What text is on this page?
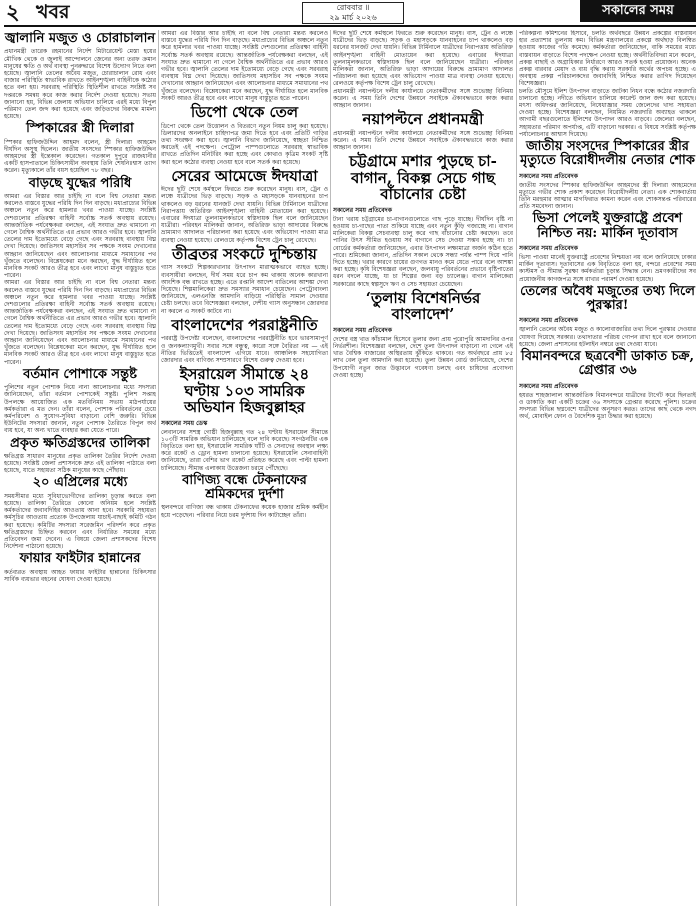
২ খবর	রোববার ॥
২৯ মার্চ ২০২৬	সকালের সময়
জ্বালানি মজুত ও চোরাচালান

প্রধানমন্ত্রী তারেক রহমানের নির্দেশ মিটারেয়েন্ট মেস্তা হয়ের মৌখিক থেকে ও জুলাই আন্দোলনে জেনের অন্য তরফ ক্রমান মানুষের ক্ষতি ও অর্থ ব্যবস্থা পুনরুদ্ধারে বিশেষ উদ্যোগ নিতে বলা হয়েছে। জ্বালানি তেলের অবৈধ মজুত, চোরাচালান রোধ এবং বাজার পরিস্থিতি স্বাভাবিক রাখতে আইনশৃঙ্খলা বাহিনীকে কঠোর হতে বলা হয়। সরবরাহ পরিস্থিতি স্থিতিশীল রাখতে সংশ্লিষ্ট সব দপ্তরকে সমন্বয় করে কাজ করার নির্দেশ দেওয়া হয়েছে। সভায় জানানো হয়, বিভিন্ন জেলায় অভিযান চালিয়ে এরই মধ্যে বিপুল পরিমাণ তেল জব্দ করা হয়েছে এবং জড়িতদের বিরুদ্ধে মামলা হয়েছে।

স্পিকারের স্ত্রী দিলারা

স্পিকার হাফিজউদ্দিন আহমদ বলেন, স্ত্রী দিলারা আহমেদ দীর্ঘদিন অসুস্থ ছিলেন। জাতীয় সংসদের স্পিকার হাফিজউদ্দিন আহমদের স্ত্রী ইন্তেকাল করেছেন। গতকাল দুপুরে রাজধানীর একটি হাসপাতালে চিকিৎসাধীন অবস্থায় তিনি শেষনিঃশ্বাস ত্যাগ করেন। মৃত্যুকালে তাঁর বয়স হয়েছিল ৭৮ বছর।

বাড়ছে যুদ্ধের পরিধি

আমরা এর বিস্তার আর চাইছি না বলে বিশ্ব নেতারা মন্তব্য করলেও বাস্তবে যুদ্ধের পরিধি দিন দিন বাড়ছে। মধ্যপ্রাচ্যের বিভিন্ন অঞ্চলে নতুন করে হামলার খবর পাওয়া যাচ্ছে। সংশ্লিষ্ট দেশগুলোর প্রতিরক্ষা বাহিনী সর্বোচ্চ সতর্ক অবস্থায় রয়েছে। আন্তর্জাতিক পর্যবেক্ষকরা বলছেন, এই সংঘাত দ্রুত থামানো না গেলে বৈশ্বিক অর্থনীতিতে এর প্রভাব আরও গভীর হবে। জ্বালানি তেলের দাম ইতোমধ্যে বেড়ে গেছে এবং সরবরাহ ব্যবস্থায় বিঘ্ন দেখা দিয়েছে। জাতিসংঘ মহাসচিব সব পক্ষকে সংযম দেখানোর আহ্বান জানিয়েছেন এবং আলোচনার মাধ্যমে সমাধানের পথ খুঁজতে বলেছেন। বিশ্লেষকেরা মনে করছেন, যুদ্ধ দীর্ঘায়িত হলে মানবিক সংকট আরও তীব্র হবে এবং লাখো মানুষ বাস্তুচ্যুত হতে পারেন।

আমরা এর বিস্তার আর চাইছি না বলে বিশ্ব নেতারা মন্তব্য করলেও বাস্তবে যুদ্ধের পরিধি দিন দিন বাড়ছে। মধ্যপ্রাচ্যের বিভিন্ন অঞ্চলে নতুন করে হামলার খবর পাওয়া যাচ্ছে। সংশ্লিষ্ট দেশগুলোর প্রতিরক্ষা বাহিনী সর্বোচ্চ সতর্ক অবস্থায় রয়েছে। আন্তর্জাতিক পর্যবেক্ষকরা বলছেন, এই সংঘাত দ্রুত থামানো না গেলে বৈশ্বিক অর্থনীতিতে এর প্রভাব আরও গভীর হবে। জ্বালানি তেলের দাম ইতোমধ্যে বেড়ে গেছে এবং সরবরাহ ব্যবস্থায় বিঘ্ন দেখা দিয়েছে। জাতিসংঘ মহাসচিব সব পক্ষকে সংযম দেখানোর আহ্বান জানিয়েছেন এবং আলোচনার মাধ্যমে সমাধানের পথ খুঁজতে বলেছেন। বিশ্লেষকেরা মনে করছেন, যুদ্ধ দীর্ঘায়িত হলে মানবিক সংকট আরও তীব্র হবে এবং লাখো মানুষ বাস্তুচ্যুত হতে পারেন।

বর্তমান পোশাকে সন্তুষ্ট

পুলিশের নতুন পোশাক নিয়ে নানা আলোচনার মধ্যে সদস্যরা জানিয়েছেন, তাঁরা বর্তমান পোশাকেই সন্তুষ্ট। পুলিশ সপ্তাহ উপলক্ষে আয়োজিত এক মতবিনিময় সভায় মাঠপর্যায়ের কর্মকর্তারা এ মত দেন। তাঁরা বলেন, পোশাক পরিবর্তনের চেয়ে কর্মপরিবেশ ও সুযোগ-সুবিধা বাড়ানো বেশি জরুরি। বিভিন্ন ইউনিটের সদস্যরা জানান, নতুন পোশাক তৈরিতে বিপুল অর্থ ব্যয় হবে, যা অন্য খাতে ব্যবহার করা যেতে পারে।

প্রকৃত ক্ষতিগ্রস্তদের তালিকা

ক্ষতিগ্রস্ত সাধারণ মানুষের প্রকৃত তালিকা তৈরির নির্দেশ দেওয়া হয়েছে। সংশ্লিষ্ট জেলা প্রশাসনকে দ্রুত এই তালিকা পাঠাতে বলা হয়েছে, যাতে সহায়তা সঠিক মানুষের কাছে পৌঁছায়।

২০ এপ্রিলের মধ্যে

সময়সীমার মধ্যে সুবিধাভোগীদের তালিকা চূড়ান্ত করতে বলা হয়েছে। তালিকা তৈরিতে কোনো অনিয়ম হলে সংশ্লিষ্ট কর্মকর্তাদের জবাবদিহির আওতায় আনা হবে। সরকারি সহায়তা কর্মসূচির আওতায় প্রত্যেক উপজেলায় যাচাই-বাছাই কমিটি গঠন করা হয়েছে। কমিটির সদস্যরা সরেজমিন পরিদর্শন করে প্রকৃত ক্ষতিগ্রস্তদের চিহ্নিত করবেন এবং নির্ধারিত সময়ের মধ্যে প্রতিবেদন জমা দেবেন। এ বিষয়ে জেলা প্রশাসকদের বিশেষ নির্দেশনা পাঠানো হয়েছে।

ফায়ার ফাইটার হান্নানের

কর্তব্যরত অবস্থায় আহত ফায়ার ফাইটার হান্নানের চিকিৎসার সার্বিক ব্যয়ভার বহনের ঘোষণা দেওয়া হয়েছে।

আমরা এর বিস্তার আর চাইছি না বলে বিশ্ব নেতারা মন্তব্য করলেও বাস্তবে যুদ্ধের পরিধি দিন দিন বাড়ছে। মধ্যপ্রাচ্যের বিভিন্ন অঞ্চলে নতুন করে হামলার খবর পাওয়া যাচ্ছে। সংশ্লিষ্ট দেশগুলোর প্রতিরক্ষা বাহিনী সর্বোচ্চ সতর্ক অবস্থায় রয়েছে। আন্তর্জাতিক পর্যবেক্ষকরা বলছেন, এই সংঘাত দ্রুত থামানো না গেলে বৈশ্বিক অর্থনীতিতে এর প্রভাব আরও গভীর হবে। জ্বালানি তেলের দাম ইতোমধ্যে বেড়ে গেছে এবং সরবরাহ ব্যবস্থায় বিঘ্ন দেখা দিয়েছে। জাতিসংঘ মহাসচিব সব পক্ষকে সংযম দেখানোর আহ্বান জানিয়েছেন এবং আলোচনার মাধ্যমে সমাধানের পথ খুঁজতে বলেছেন। বিশ্লেষকেরা মনে করছেন, যুদ্ধ দীর্ঘায়িত হলে মানবিক সংকট আরও তীব্র হবে এবং লাখো মানুষ বাস্তুচ্যুত হতে পারেন।

ডিপো থেকে তেল

ডিপো থেকে তেল উত্তোলন ও বিতরণে নতুন নিয়ম চালু করা হয়েছে। ডিলারদের অনলাইনে চাহিদাপত্র জমা দিতে হবে এবং প্রতিটি গাড়ির তথ্য সংরক্ষণ করা হবে। জ্বালানি বিভাগ জানিয়েছে, স্বচ্ছতা নিশ্চিত করতেই এই পদক্ষেপ। পেট্রোল পাম্পগুলোতে সরবরাহ স্বাভাবিক রাখতে প্রতিদিন মনিটরিং করা হচ্ছে এবং কোথাও কৃত্রিম সংকট সৃষ্টি করা হলে কঠোর ব্যবস্থা নেওয়া হবে বলে সতর্ক করা হয়েছে।

সেরের আমেজে ঈদযাত্রা

ঈদের ছুটি শেষে কর্মস্থলে ফিরতে শুরু করেছেন মানুষ। বাস, ট্রেন ও লঞ্চে যাত্রীদের ভিড় বাড়ছে। সড়ক ও মহাসড়কে যানবাহনের চাপ থাকলেও বড় ধরনের যানজট দেখা যায়নি। বিভিন্ন টার্মিনালে যাত্রীদের নিরাপত্তায় অতিরিক্ত আইনশৃঙ্খলা বাহিনী মোতায়েন করা হয়েছে। এবারের ঈদযাত্রা তুলনামূলকভাবে স্বস্তিদায়ক ছিল বলে জানিয়েছেন যাত্রীরা। পরিবহন মালিকরা জানান, অতিরিক্ত ভাড়া আদায়ের বিরুদ্ধে ভ্রাম্যমাণ আদালত পরিচালনা করা হয়েছে এবং অভিযোগ পাওয়া মাত্র ব্যবস্থা নেওয়া হয়েছে। রেলওয়ে কর্তৃপক্ষ বিশেষ ট্রেন চালু রেখেছে।

তীব্রতর সংকটে দুশ্চিন্তায়

গ্যাস সংকটে শিল্পকারখানার উৎপাদন মারাত্মকভাবে ব্যাহত হচ্ছে। ব্যবসায়ীরা বলছেন, দীর্ঘ সময় ধরে চাপ কম থাকায় অনেক কারখানা আংশিক বন্ধ রাখতে হচ্ছে। এতে রপ্তানি আদেশ বাতিলের আশঙ্কা দেখা দিয়েছে। শিল্পমালিকেরা দ্রুত সমস্যার সমাধান চেয়েছেন। পেট্রোবাংলা জানিয়েছে, এলএনজি আমদানি বাড়িয়ে পরিস্থিতি সামাল দেওয়ার চেষ্টা চলছে। তবে বিশেষজ্ঞরা বলছেন, দেশীয় গ্যাস অনুসন্ধান জোরদার না করলে এ সংকট কাটবে না।

বাংলাদেশের পররাষ্ট্রনীতি

পররাষ্ট্র উপদেষ্টা বলেছেন, বাংলাদেশের পররাষ্ট্রনীতি হবে ভারসাম্যপূর্ণ ও জনকল্যাণমুখী। সবার সঙ্গে বন্ধুত্ব, কারো সঙ্গে বৈরিতা নয় — এই নীতির ভিত্তিতেই বাংলাদেশ এগিয়ে যাবে। আঞ্চলিক সহযোগিতা জোরদার এবং বাণিজ্য সম্প্রসারণে বিশেষ গুরুত্ব দেওয়া হবে।

ইসরায়েল সীমান্তে ২৪ ঘণ্টায় ১০৩ সামরিক অভিযান হিজবুল্লাহর

সকালের সময় ডেস্ক

লেবাননের সশস্ত্র গোষ্ঠী হিজবুল্লাহ গত ২৪ ঘণ্টায় ইসরায়েল সীমান্তে ১০৩টি সামরিক অভিযান চালিয়েছে বলে দাবি করেছে। সংগঠনটির এক বিবৃতিতে বলা হয়, ইসরায়েলি সামরিক ঘাঁটি ও সেনাদের অবস্থান লক্ষ্য করে রকেট ও ড্রোন হামলা চালানো হয়েছে। ইসরায়েলি সেনাবাহিনী জানিয়েছে, তারা বেশির ভাগ রকেট প্রতিহত করেছে এবং পাল্টা হামলা চালিয়েছে। সীমান্ত এলাকায় উত্তেজনা চরমে পৌঁছেছে।

বাণিজ্য বন্ধে টেকনাফের শ্রমিকদের দুর্দশা

স্থলবন্দরে বাণিজ্য বন্ধ থাকায় টেকনাফের কয়েক হাজার শ্রমিক কর্মহীন হয়ে পড়েছেন। পরিবার নিয়ে চরম দুর্দশায় দিন কাটাচ্ছেন তাঁরা।

ঈদের ছুটি শেষে কর্মস্থলে ফিরতে শুরু করেছেন মানুষ। বাস, ট্রেন ও লঞ্চে যাত্রীদের ভিড় বাড়ছে। সড়ক ও মহাসড়কে যানবাহনের চাপ থাকলেও বড় ধরনের যানজট দেখা যায়নি। বিভিন্ন টার্মিনালে যাত্রীদের নিরাপত্তায় অতিরিক্ত আইনশৃঙ্খলা বাহিনী মোতায়েন করা হয়েছে। এবারের ঈদযাত্রা তুলনামূলকভাবে স্বস্তিদায়ক ছিল বলে জানিয়েছেন যাত্রীরা। পরিবহন মালিকরা জানান, অতিরিক্ত ভাড়া আদায়ের বিরুদ্ধে ভ্রাম্যমাণ আদালত পরিচালনা করা হয়েছে এবং অভিযোগ পাওয়া মাত্র ব্যবস্থা নেওয়া হয়েছে। রেলওয়ে কর্তৃপক্ষ বিশেষ ট্রেন চালু রেখেছে।

প্রধানমন্ত্রী নয়াপল্টনে দলীয় কার্যালয়ে নেতাকর্মীদের সঙ্গে শুভেচ্ছা বিনিময় করেন। এ সময় তিনি দেশের উন্নয়নে সবাইকে ঐক্যবদ্ধভাবে কাজ করার আহ্বান জানান।

নয়াপল্টনে প্রধানমন্ত্রী

প্রধানমন্ত্রী নয়াপল্টনে দলীয় কার্যালয়ে নেতাকর্মীদের সঙ্গে শুভেচ্ছা বিনিময় করেন। এ সময় তিনি দেশের উন্নয়নে সবাইকে ঐক্যবদ্ধভাবে কাজ করার আহ্বান জানান।

চট্টগ্রামে মশার পুড়ছে চা-বাগান, বিকল্প সেচে গাছ বাঁচানোর চেষ্টা

সকালের সময় প্রতিবেদক

টানা খরায় চট্টগ্রামের চা-বাগানগুলোতে গাছ পুড়ে যাচ্ছে। দীর্ঘদিন বৃষ্টি না হওয়ায় চা-গাছের পাতা শুকিয়ে যাচ্ছে এবং নতুন কুঁড়ি গজাচ্ছে না। বাগান মালিকেরা বিকল্প সেচব্যবস্থা চালু করে গাছ বাঁচানোর চেষ্টা করছেন। তবে পানির উৎস সীমিত হওয়ায় সব বাগানে সেচ দেওয়া সম্ভব হচ্ছে না। চা বোর্ডের কর্মকর্তারা জানিয়েছেন, এবার উৎপাদন লক্ষ্যমাত্রা অর্জন কঠিন হতে পারে। শ্রমিকেরা জানান, প্রতিদিন সকাল থেকে সন্ধ্যা পর্যন্ত পাম্প দিয়ে পানি দিতে হচ্ছে। খরার কারণে চায়ের গুণগত মানও কমে যেতে পারে বলে আশঙ্কা করা হচ্ছে। কৃষি বিশেষজ্ঞরা বলছেন, জলবায়ু পরিবর্তনের প্রভাবে বৃষ্টিপাতের ধরন বদলে যাচ্ছে, যা চা শিল্পের জন্য বড় চ্যালেঞ্জ। বাগান মালিকেরা সরকারের কাছে স্বল্পসুদে ঋণ ও সেচ সহায়তা চেয়েছেন।

‘তুলায় বিশেষনির্ভর বাংলাদেশ’

সকালের সময় প্রতিবেদক

দেশের বস্ত্র খাত কাঁচামাল হিসেবে তুলার জন্য প্রায় পুরোপুরি আমদানির ওপর নির্ভরশীল। বিশেষজ্ঞরা বলছেন, দেশে তুলা উৎপাদন বাড়ানো না গেলে এই খাত বৈশ্বিক বাজারের অস্থিরতায় ঝুঁকিতে থাকবে। গত অর্থবছরে প্রায় ৮৫ লাখ বেল তুলা আমদানি করা হয়েছে। তুলা উন্নয়ন বোর্ড জানিয়েছে, দেশের উপযোগী নতুন জাত উদ্ভাবনে গবেষণা চলছে এবং চাষিদের প্রণোদনা দেওয়া হচ্ছে।

পরিকল্পনা কমিশনের হিসাবে, চলতি অর্থবছরে উন্নয়ন প্রকল্পের বাস্তবায়ন হার প্রত্যাশার তুলনায় কম। বিভিন্ন মন্ত্রণালয়ের প্রকল্পে অর্থছাড় বিলম্বিত হওয়ায় কাজের গতি কমেছে। কর্মকর্তারা জানিয়েছেন, বাকি সময়ের মধ্যে বাস্তবায়ন বাড়াতে বিশেষ পদক্ষেপ নেওয়া হচ্ছে। অর্থনীতিবিদরা মনে করেন, প্রকল্প বাছাই ও অগ্রাধিকার নির্ধারণে আরও সতর্ক হওয়া প্রয়োজন। অনেক প্রকল্প বারবার মেয়াদ ও ব্যয় বৃদ্ধি করায় সরকারি অর্থের অপচয় হচ্ছে। এ অবস্থায় প্রকল্প পরিচালকদের জবাবদিহি নিশ্চিত করার তাগিদ দিয়েছেন বিশেষজ্ঞরা।

চলতি মৌসুমে ইলিশ উৎপাদন বাড়াতে জাটকা নিধন বন্ধে কঠোর নজরদারি চালানো হচ্ছে। নদীতে অভিযান চালিয়ে কারেন্ট জাল জব্দ করা হয়েছে। মৎস্য অধিদপ্তর জানিয়েছে, নিষেধাজ্ঞার সময় জেলেদের খাদ্য সহায়তা দেওয়া হচ্ছে। বিশেষজ্ঞরা বলছেন, নিয়মিত নজরদারি অব্যাহত থাকলে আগামী বছরগুলোতে ইলিশের উৎপাদন আরও বাড়বে। জেলেরা বলছেন, সহায়তার পরিমাণ অপর্যাপ্ত, এটি বাড়ানো দরকার। এ বিষয়ে সংশ্লিষ্ট কর্তৃপক্ষ পর্যালোচনার আশ্বাস দিয়েছে।

জাতীয় সংসদের স্পিকারের স্ত্রীর মৃত্যুতে বিরোধীদলীয় নেতার শোক

সকালের সময় প্রতিবেদক

জাতীয় সংসদের স্পিকার হাফিজউদ্দিন আহমদের স্ত্রী দিলারা আহমেদের মৃত্যুতে গভীর শোক প্রকাশ করেছেন বিরোধীদলীয় নেতা। এক শোকবার্তায় তিনি মরহুমার আত্মার মাগফিরাত কামনা করেন এবং শোকসন্তপ্ত পরিবারের প্রতি সমবেদনা জানান।

ভিসা পেলেই যুক্তরাষ্ট্রে প্রবেশ নিশ্চিত নয়: মার্কিন দূতাবাস

সকালের সময় প্রতিবেদক

ভিসা পাওয়া মানেই যুক্তরাষ্ট্রে প্রবেশের নিশ্চয়তা নয় বলে জানিয়েছে ঢাকার মার্কিন দূতাবাস। দূতাবাসের এক বিবৃতিতে বলা হয়, বন্দরে প্রবেশের সময় কাস্টমস ও সীমান্ত সুরক্ষা কর্মকর্তারা চূড়ান্ত সিদ্ধান্ত নেন। ভ্রমণকারীদের সব প্রয়োজনীয় কাগজপত্র সঙ্গে রাখার পরামর্শ দেওয়া হয়েছে।

তেলের অবৈধ মজুতের তথ্য দিলে পুরস্কার!

সকালের সময় প্রতিবেদক

জ্বালানি তেলের অবৈধ মজুত ও কালোবাজারির তথ্য দিলে পুরস্কার দেওয়ার ঘোষণা দিয়েছে সরকার। তথ্যদাতার পরিচয় গোপন রাখা হবে বলে জানানো হয়েছে। জেলা প্রশাসনের হটলাইন নম্বরে তথ্য দেওয়া যাবে।

বিমানবন্দরে ছত্রবেশী ডাকাত চক্র, গ্রেপ্তার ৩৬

সকালের সময় প্রতিবেদক

হযরত শাহজালাল আন্তর্জাতিক বিমানবন্দরে যাত্রীদের টার্গেট করে ছিনতাই ও ডাকাতি করা একটি চক্রের ৩৬ সদস্যকে গ্রেপ্তার করেছে পুলিশ। চক্রের সদস্যরা বিভিন্ন ছদ্মবেশে যাত্রীদের অনুসরণ করত। তাদের কাছ থেকে নগদ অর্থ, মোবাইল ফোন ও বৈদেশিক মুদ্রা উদ্ধার করা হয়েছে।
